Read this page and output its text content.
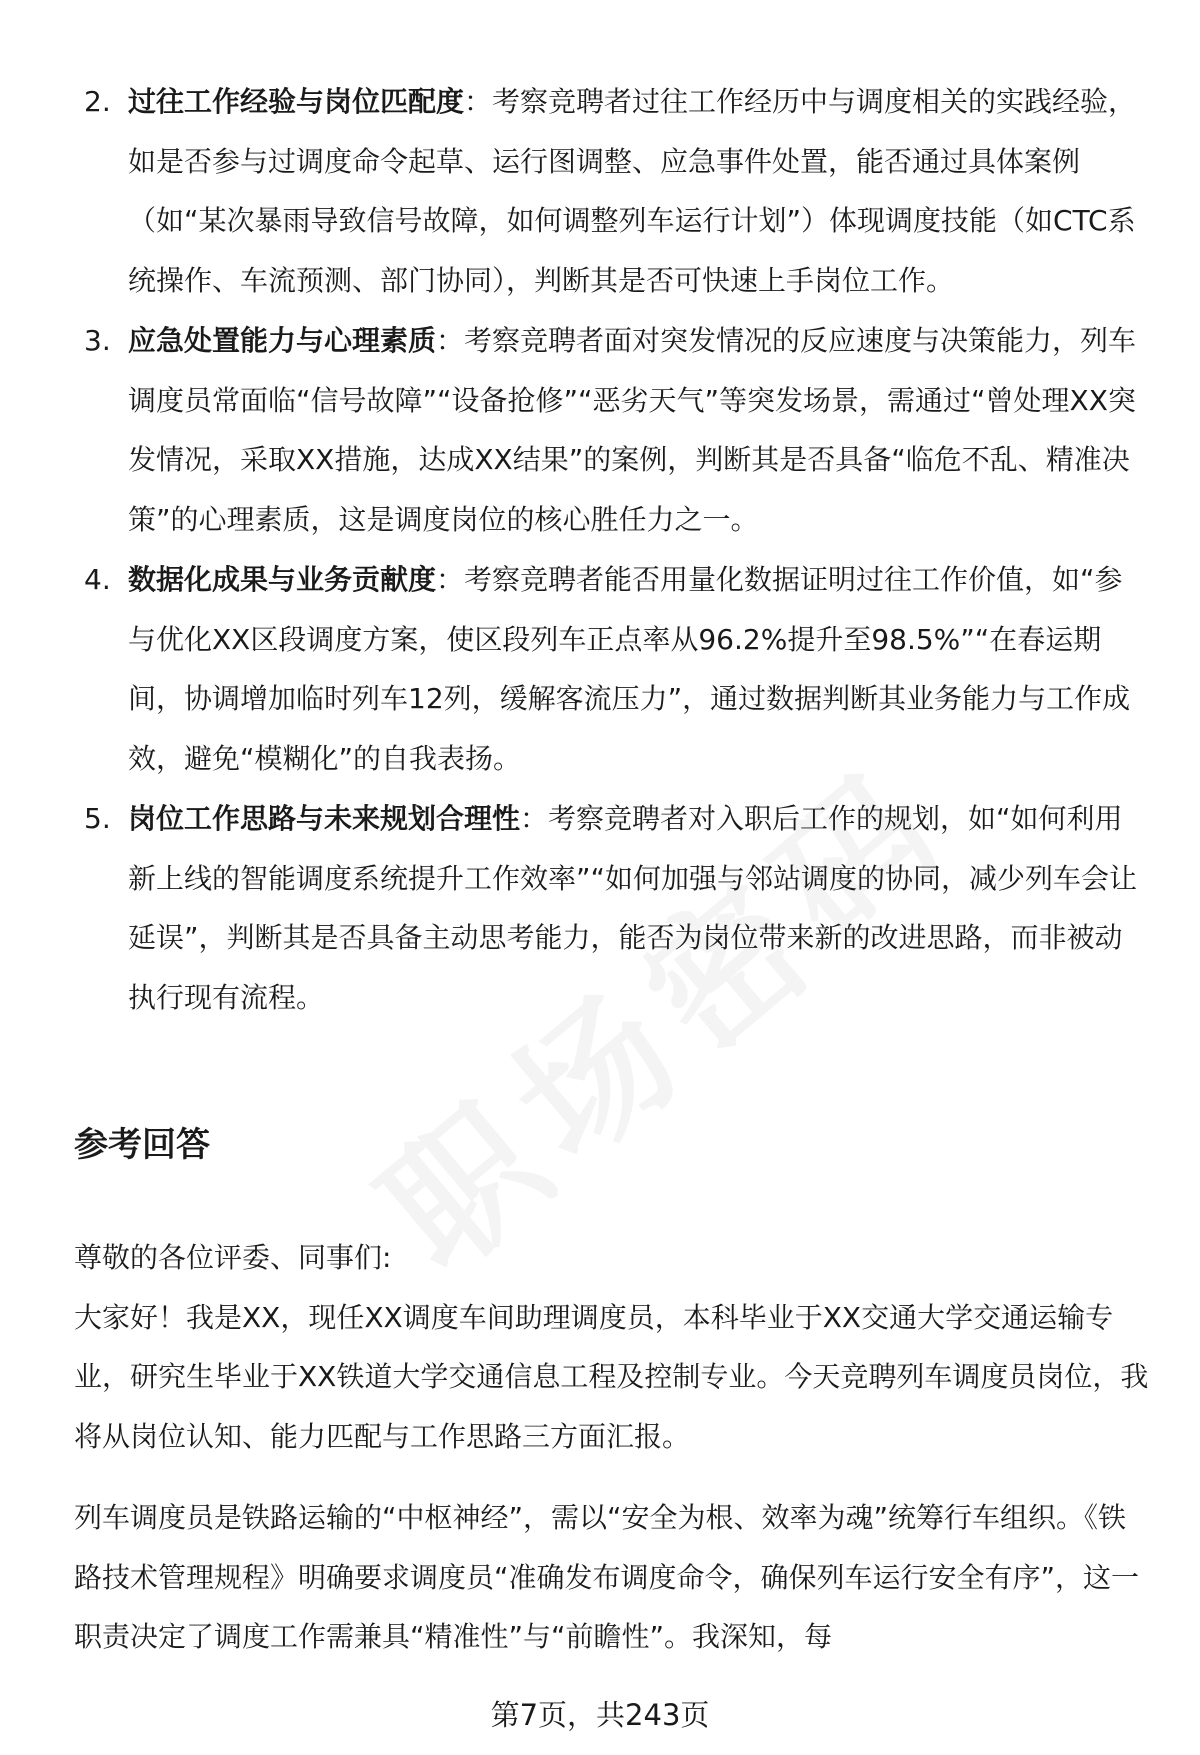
2. 过往工作经验与岗位匹配度：考察竞聘者过往工作经历中与调度相关的实践经验，如是否参与过调度命令起草、运行图调整、应急事件处置，能否通过具体案例（如“某次暴雨导致信号故障，如何调整列车运行计划”）体现调度技能（如CTC系统操作、车流预测、部门协同），判断其是否可快速上手岗位工作。
3. 应急处置能力与心理素质：考察竞聘者面对突发情况的反应速度与决策能力，列车调度员常面临“信号故障”“设备抢修”“恶劣天气”等突发场景，需通过“曾处理XX突发情况，采取XX措施，达成XX结果”的案例，判断其是否具备“临危不乱、精准决策”的心理素质，这是调度岗位的核心胜任力之一。
4. 数据化成果与业务贡献度：考察竞聘者能否用量化数据证明过往工作价值，如“参与优化XX区段调度方案，使区段列车正点率从96.2%提升至98.5%”“在春运期间，协调增加临时列车12列，缓解客流压力”，通过数据判断其业务能力与工作成效，避免“模糊化”的自我表扬。
5. 岗位工作思路与未来规划合理性：考察竞聘者对入职后工作的规划，如“如何利用新上线的智能调度系统提升工作效率”“如何加强与邻站调度的协同，减少列车会让延误”，判断其是否具备主动思考能力，能否为岗位带来新的改进思路，而非被动执行现有流程。
参考回答
尊敬的各位评委、同事们:
大家好！我是XX，现任XX调度车间助理调度员，本科毕业于XX交通大学交通运输专业，研究生毕业于XX铁道大学交通信息工程及控制专业。今天竞聘列车调度员岗位，我将从岗位认知、能力匹配与工作思路三方面汇报。
列车调度员是铁路运输的“中枢神经”，需以“安全为根、效率为魂”统筹行车组织。《铁路技术管理规程》明确要求调度员“准确发布调度命令，确保列车运行安全有序”，这一职责决定了调度工作需兼具“精准性”与“前瞻性”。我深知，每
第7页，共243页
